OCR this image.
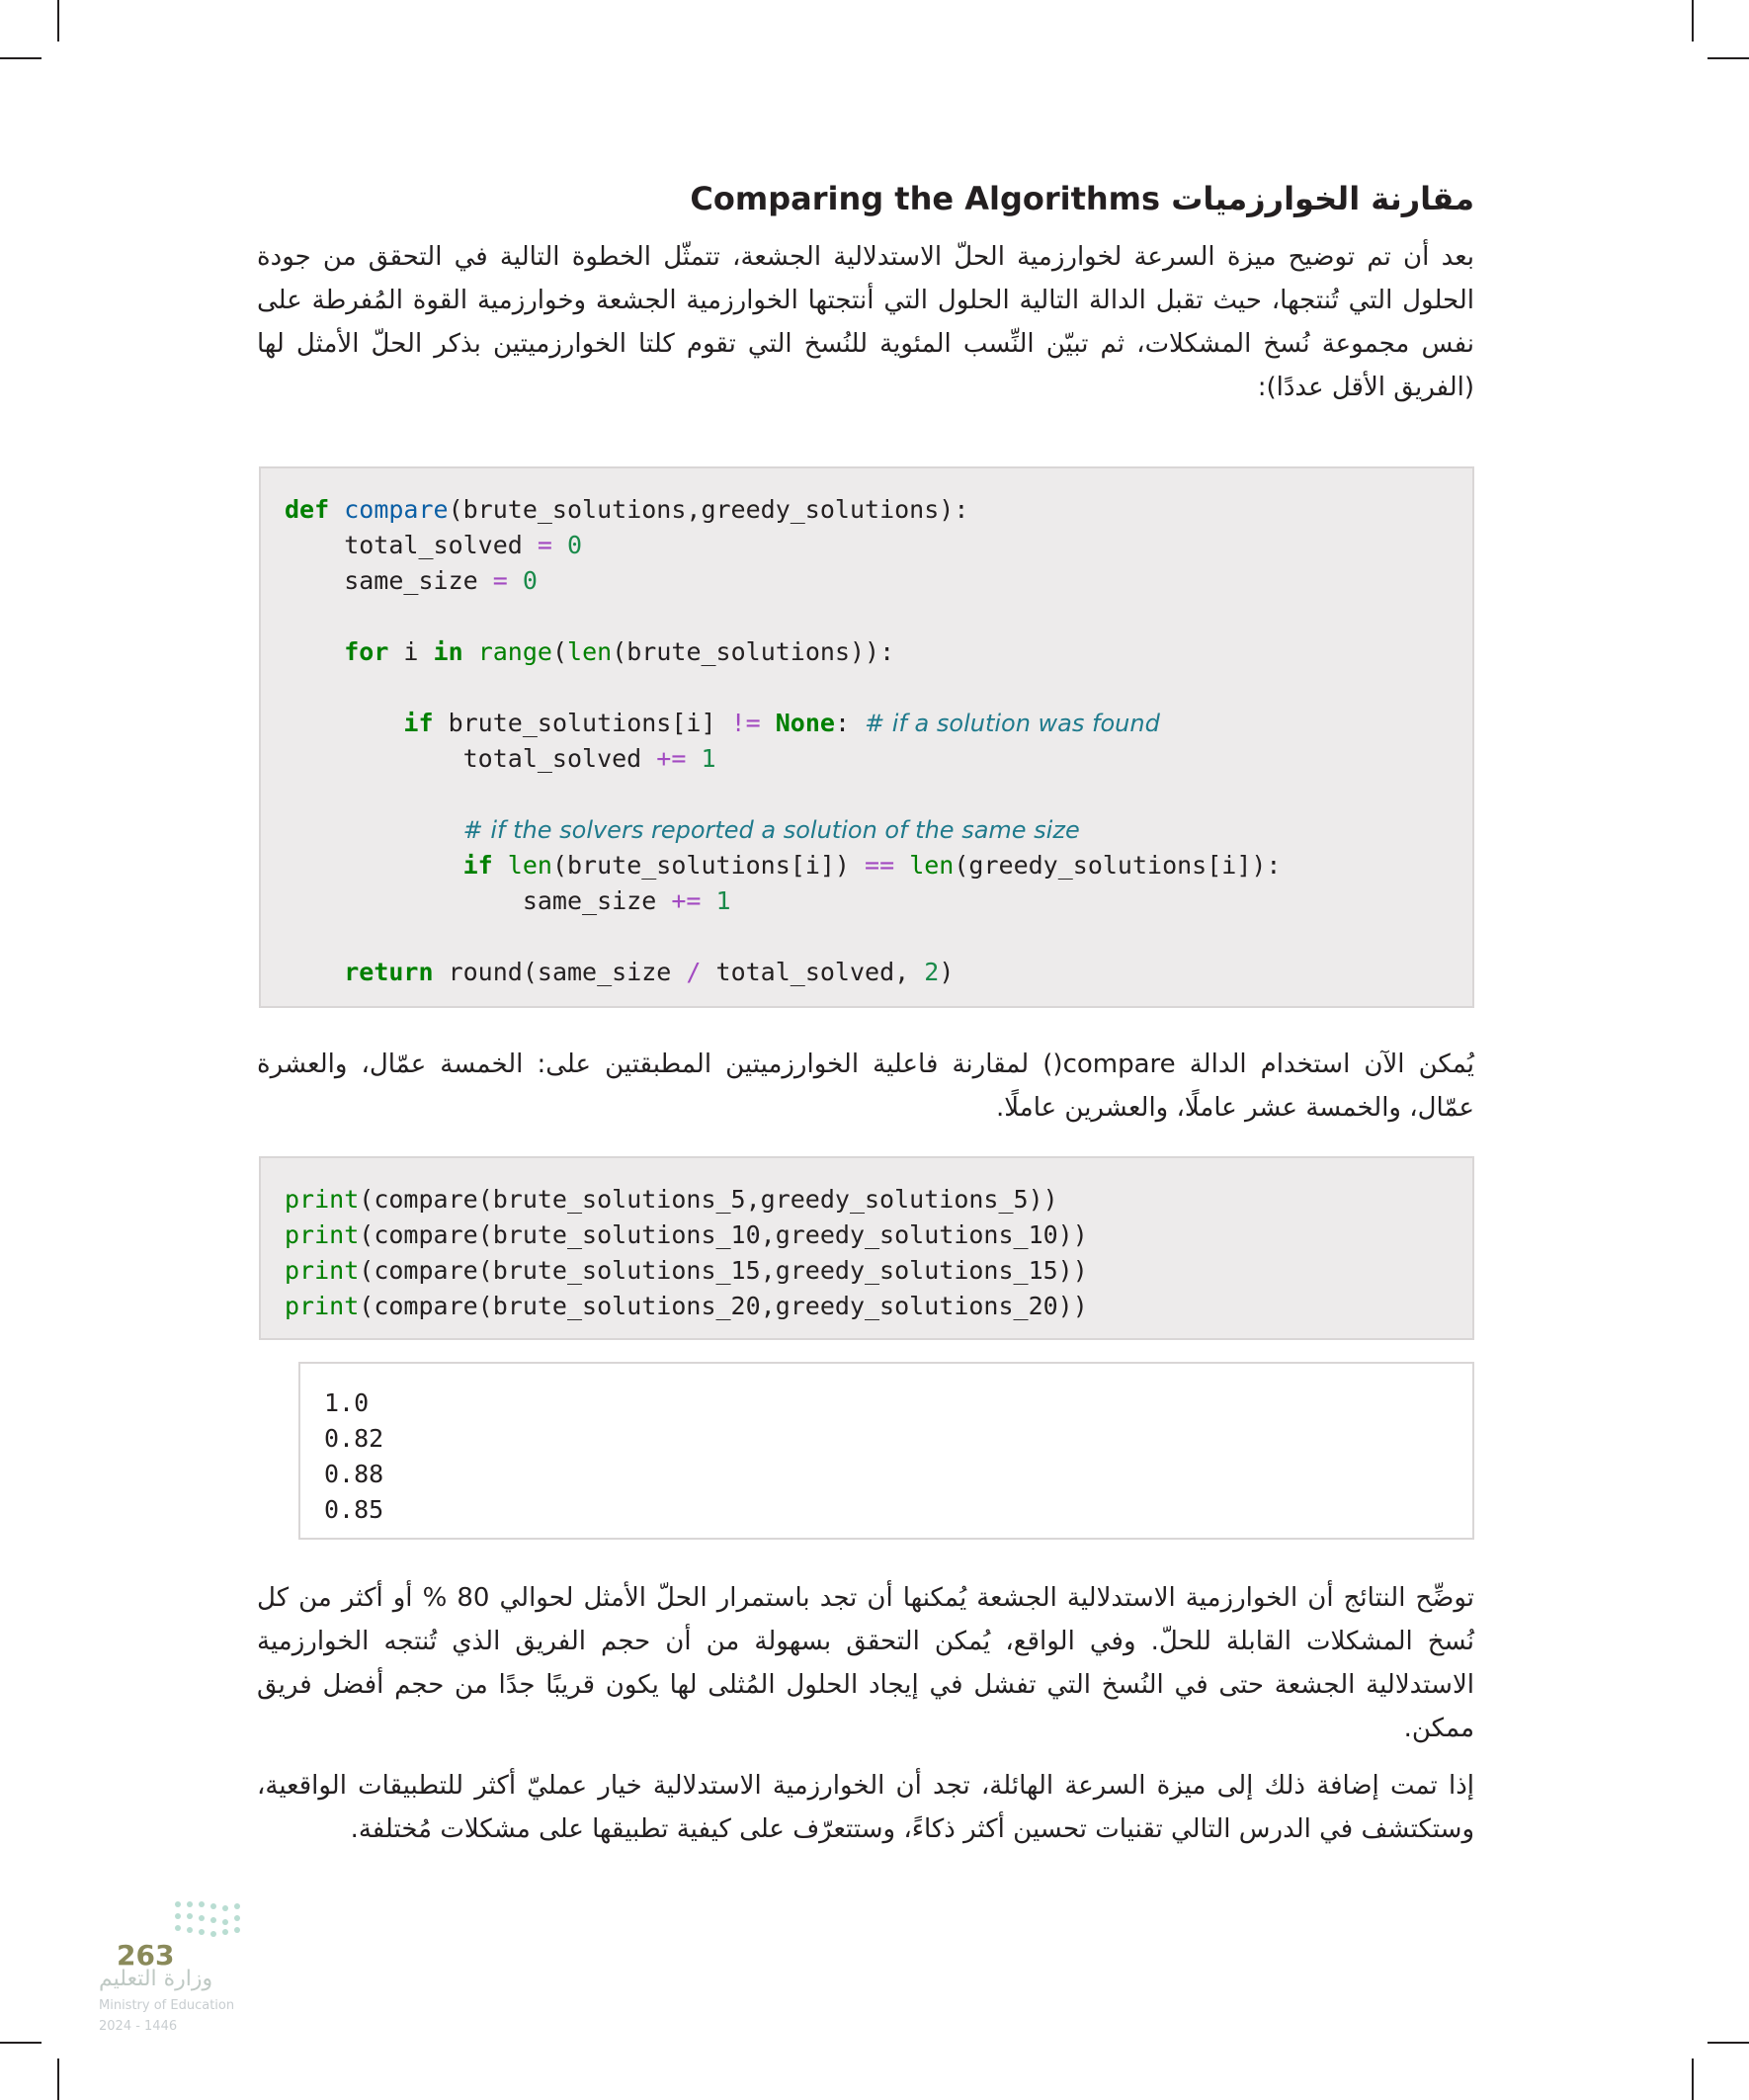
مقارنة الخوارزميات Comparing the Algorithms

بعد أن تم توضيح ميزة السرعة لخوارزمية الحلّ الاستدلالية الجشعة، تتمثّل الخطوة التالية في التحقق من جودة الحلول التي تُنتجها، حيث تقبل الدالة التالية الحلول التي أنتجتها الخوارزمية الجشعة وخوارزمية القوة المُفرطة على نفس مجموعة نُسخ المشكلات، ثم تبيّن النِّسب المئوية للنُسخ التي تقوم كلتا الخوارزميتين بذكر الحلّ الأمثل لها (الفريق الأقل عددًا):

def compare(brute_solutions,greedy_solutions):
total_solved = 0
same_size = 0

for i in range(len(brute_solutions)):

if brute_solutions[i] != None: # if a solution was found
total_solved += 1

# if the solvers reported a solution of the same size
if len(brute_solutions[i]) == len(greedy_solutions[i]):
same_size += 1

return round(same_size / total_solved, 2)

يُمكن الآن استخدام الدالة compare() لمقارنة فاعلية الخوارزميتين المطبقتين على: الخمسة عمّال، والعشرة عمّال، والخمسة عشر عاملًا، والعشرين عاملًا.

print(compare(brute_solutions_5,greedy_solutions_5))
print(compare(brute_solutions_10,greedy_solutions_10))
print(compare(brute_solutions_15,greedy_solutions_15))
print(compare(brute_solutions_20,greedy_solutions_20))
1.0
0.82
0.88
0.85

توضِّح النتائج أن الخوارزمية الاستدلالية الجشعة يُمكنها أن تجد باستمرار الحلّ الأمثل لحوالي 80 % أو أكثر من كل نُسخ المشكلات القابلة للحلّ. وفي الواقع، يُمكن التحقق بسهولة من أن حجم الفريق الذي تُنتجه الخوارزمية الاستدلالية الجشعة حتى في النُسخ التي تفشل في إيجاد الحلول المُثلى لها يكون قريبًا جدًا من حجم أفضل فريق ممكن.

إذا تمت إضافة ذلك إلى ميزة السرعة الهائلة، تجد أن الخوارزمية الاستدلالية خيار عمليّ أكثر للتطبيقات الواقعية، وستكتشف في الدرس التالي تقنيات تحسين أكثر ذكاءً، وستتعرّف على كيفية تطبيقها على مشكلات مُختلفة.

263
وزارة التعليم
Ministry of Education
2024 - 1446
